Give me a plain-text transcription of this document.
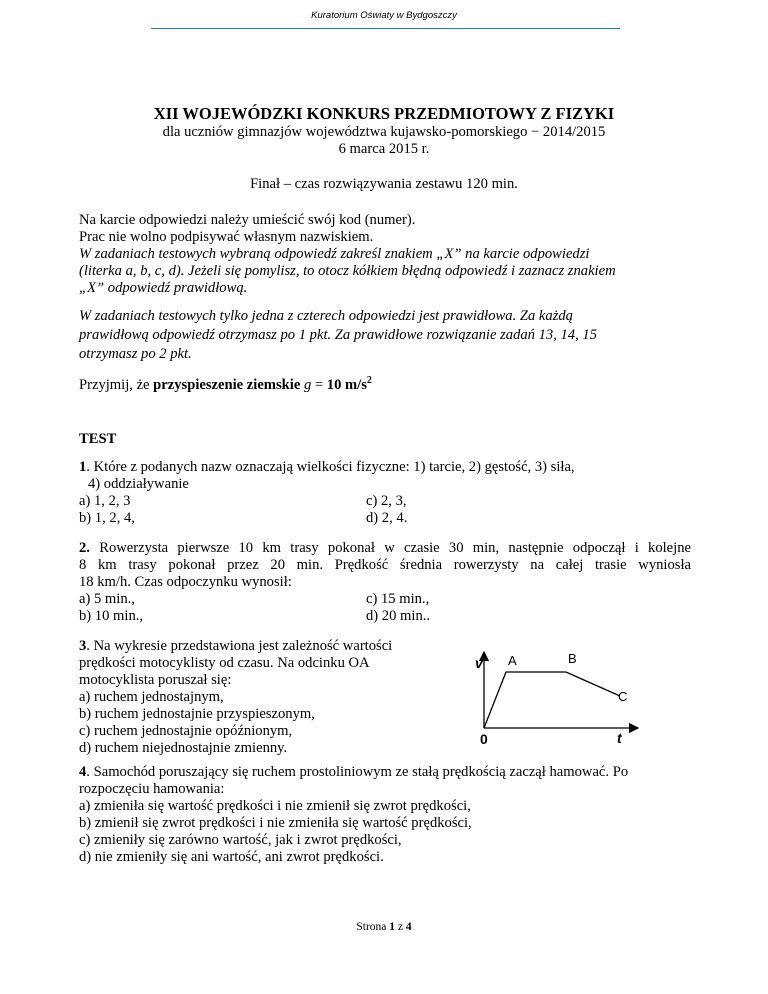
Kuratorium Oświaty w Bydgoszczy
XII WOJEWÓDZKI KONKURS PRZEDMIOTOWY Z FIZYKI
dla uczniów gimnazjów województwa kujawsko-pomorskiego − 2014/2015
6 marca 2015 r.
Finał – czas rozwiązywania zestawu 120 min.
Na karcie odpowiedzi należy umieścić swój kod (numer).
Prac nie wolno podpisywać własnym nazwiskiem.
W zadaniach testowych wybraną odpowiedź zakreśl znakiem „X” na karcie odpowiedzi
(literka a, b, c, d). Jeżeli się pomylisz, to otocz kółkiem błędną odpowiedź i zaznacz znakiem
„X” odpowiedź prawidłową.
W zadaniach testowych tylko jedna z czterech odpowiedzi jest prawidłowa. Za każdą
prawidłową odpowiedź otrzymasz po 1 pkt. Za prawidłowe rozwiązanie zadań 13, 14, 15
otrzymasz po 2 pkt.
Przyjmij, że przyspieszenie ziemskie g = 10 $m/s^2$
TEST
1. Które z podanych nazw oznaczają wielkości fizyczne: 1) tarcie, 2) gęstość, 3) siła,
4) oddziaływanie
a) 1, 2, 3
b) 1, 2, 4,
c) 2, 3,
d) 2, 4.
2. Rowerzysta pierwsze 10 km trasy pokonał w czasie 30 min, następnie odpoczął i kolejne
8 km trasy pokonał przez 20 min. Prędkość średnia rowerzysty na całej trasie wyniosła
18 km/h. Czas odpoczynku wynosił:
a) 5 min.,
b) 10 min.,
c) 15 min.,
d) 20 min..
3. Na wykresie przedstawiona jest zależność wartości
prędkości motocyklisty od czasu. Na odcinku OA
motocyklista poruszał się:
a) ruchem jednostajnym,
b) ruchem jednostajnie przyspieszonym,
c) ruchem jednostajnie opóźnionym,
d) ruchem niejednostajnie zmienny.
v A	B
C
0	t
4. Samochód poruszający się ruchem prostoliniowym ze stałą prędkością zaczął hamować. Po
rozpoczęciu hamowania:
a) zmieniła się wartość prędkości i nie zmienił się zwrot prędkości,
b) zmienił się zwrot prędkości i nie zmieniła się wartość prędkości,
c) zmieniły się zarówno wartość, jak i zwrot prędkości,
d) nie zmieniły się ani wartość, ani zwrot prędkości.
Strona 1 z 4
